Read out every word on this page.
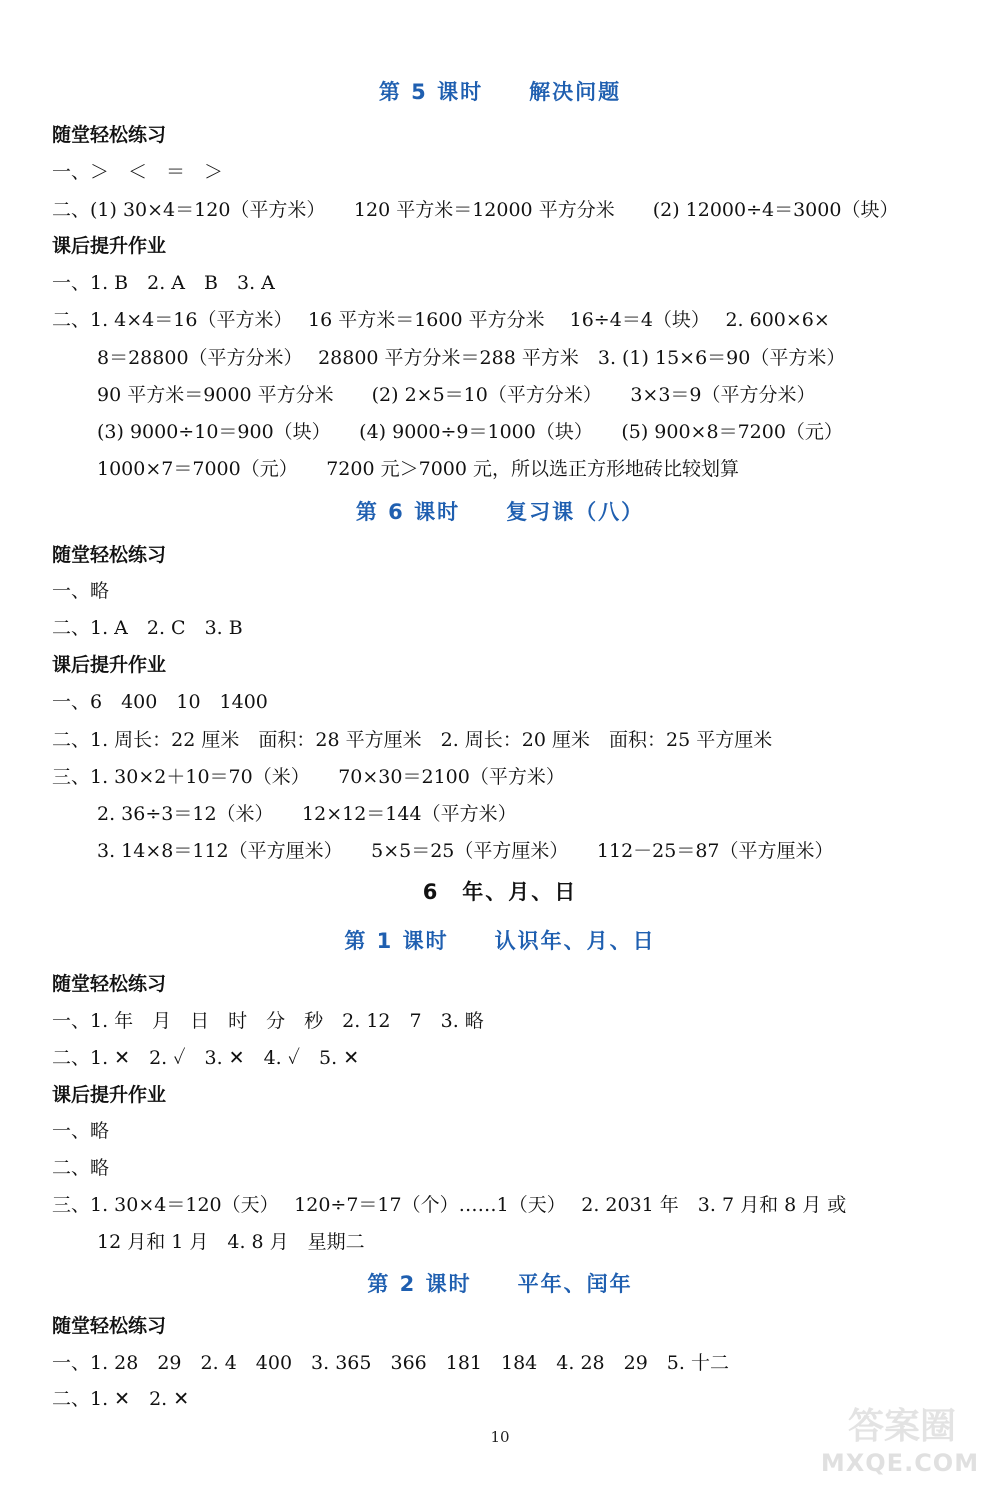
第 5 课时　　解决问题
随堂轻松练习
一、＞　＜　＝　＞
二、(1) 30×4＝120（平方米）　　120 平方米＝12000 平方分米　　(2) 12000÷4＝3000（块）
课后提升作业
一、1. B　2. A　B　3. A
二、1. 4×4＝16（平方米）　 16 平方米＝1600 平方分米　 16÷4＝4（块）　 2. 600×6×
8＝28800（平方分米）　 28800 平方分米＝288 平方米　3. (1) 15×6＝90（平方米）
90 平方米＝9000 平方分米　　(2) 2×5＝10（平方分米）　　3×3＝9（平方分米）
(3) 9000÷10＝900（块）　　(4) 9000÷9＝1000（块）　　(5) 900×8＝7200（元）
1000×7＝7000（元）　　7200 元＞7000 元，所以选正方形地砖比较划算
第 6 课时　　复习课（八）
随堂轻松练习
一、略
二、1. A　2. C　3. B
课后提升作业
一、6　400　10　1400
二、1. 周长：22 厘米　面积：28 平方厘米　2. 周长：20 厘米　面积：25 平方厘米
三、1. 30×2＋10＝70（米）　　70×30＝2100（平方米）
2. 36÷3＝12（米）　　12×12＝144（平方米）
3. 14×8＝112（平方厘米）　　5×5＝25（平方厘米）　　112－25＝87（平方厘米）
6　年、月、日
第 1 课时　　认识年、月、日
随堂轻松练习
一、1. 年　月　日　时　分　秒　2. 12　7　3. 略
二、1. ✕　2. ✓　3. ✕　4. ✓　5. ✕
课后提升作业
一、略
二、略
三、1. 30×4＝120（天）　 120÷7＝17（个）……1（天）　 2. 2031 年　3. 7 月和 8 月 或
12 月和 1 月　4. 8 月　星期二
第 2 课时　　平年、闰年
随堂轻松练习
一、1. 28　29　2. 4　400　3. 365　366　181　184　4. 28　29　5. 十二
二、1. ✕　2. ✕
10	答案圈
MXQE.COM
